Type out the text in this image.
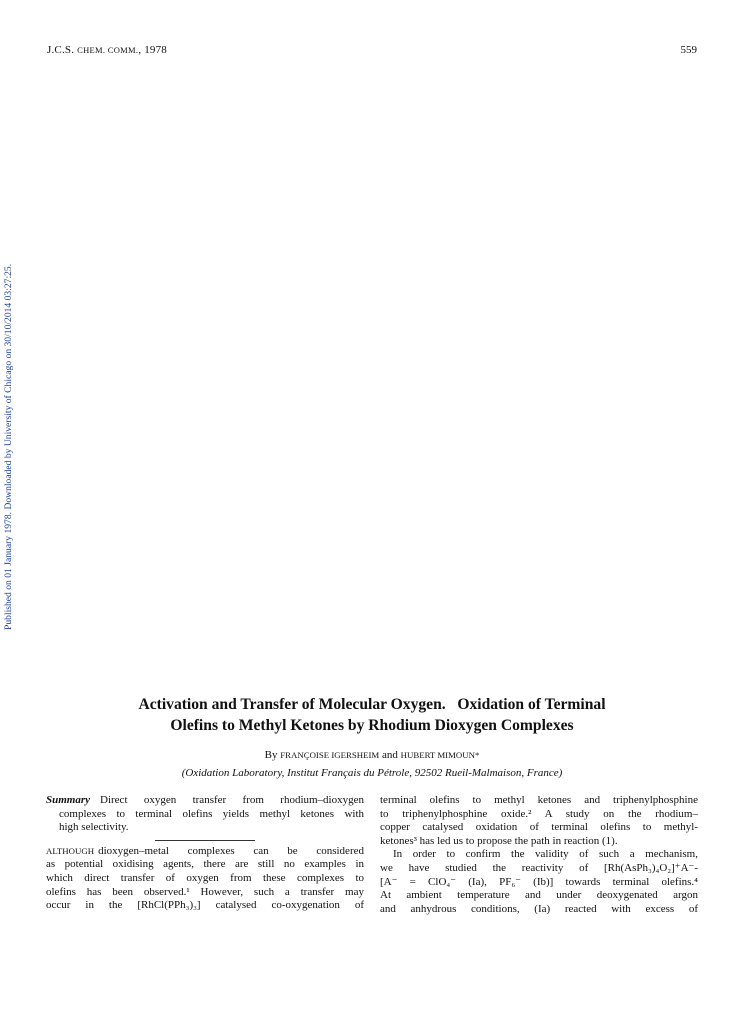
J.C.S. CHEM. COMM., 1978	559
Published on 01 January 1978. Downloaded by University of Chicago on 30/10/2014 03:27:25.
Activation and Transfer of Molecular Oxygen.   Oxidation of Terminal
Olefins to Methyl Ketones by Rhodium Dioxygen Complexes
By FRANÇOISE IGERSHEIM and HUBERT MIMOUN*
(Oxidation Laboratory, Institut Français du Pétrole, 92502 Rueil-Malmaison, France)
Summary Direct oxygen transfer from rhodium–dioxygen
complexes to terminal olefins yields methyl ketones with
high selectivity.
ALTHOUGH dioxygen–metal complexes can be considered
as potential oxidising agents, there are still no examples in
which direct transfer of oxygen from these complexes to
olefins has been observed.¹ However, such a transfer may
occur in the [RhCl(PPh₃)₃] catalysed co-oxygenation of
terminal olefins to methyl ketones and triphenylphosphine
to triphenylphosphine oxide.² A study on the rhodium–
copper catalysed oxidation of terminal olefins to methyl-
ketones³ has led us to propose the path in reaction (1).
In order to confirm the validity of such a mechanism,
we have studied the reactivity of [Rh(AsPh₃)₄O₂]⁺A⁻-
[A⁻ = ClO₄⁻ (Ia), PF₆⁻ (Ib)] towards terminal olefins.⁴
At ambient temperature and under deoxygenated argon
and anhydrous conditions, (Ia) reacted with excess of
